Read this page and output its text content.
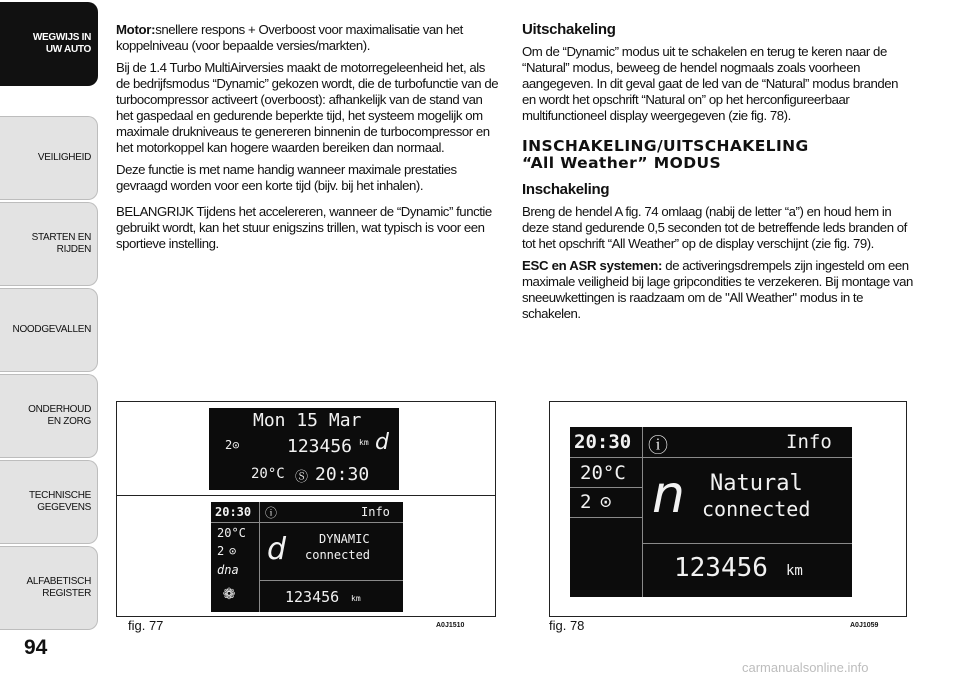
WEGWIJS IN UW AUTO
VEILIGHEID
STARTEN EN RIJDEN
NOODGEVALLEN
ONDERHOUD EN ZORG
TECHNISCHE GEGEVENS
ALFABETISCH REGISTER
94

Motor:snellere respons + Overboost voor maximalisatie van het koppelniveau (voor bepaalde versies/markten).

Bij de 1.4 Turbo MultiAirversies maakt de motorregeleenheid het, als de bedrijfsmodus “Dynamic” gekozen wordt, die de turbofunctie van de turbocompressor activeert (overboost): afhankelijk van de stand van het gaspedaal en gedurende beperkte tijd, het systeem mogelijk om maximale drukniveaus te genereren binnenin de turbocompressor en het motorkoppel kan hogere waarden bereiken dan normaal.

Deze functie is met name handig wanneer maximale prestaties gevraagd worden voor een korte tijd (bijv. bij het inhalen).

BELANGRIJK Tijdens het accelereren, wanneer de “Dynamic” functie gebruikt wordt, kan het stuur enigszins trillen, wat typisch is voor een sportieve instelling.

Uitschakeling

Om de “Dynamic” modus uit te schakelen en terug te keren naar de “Natural” modus, beweeg de hendel nogmaals zoals voorheen aangegeven. In dit geval gaat de led van de “Natural” modus branden en wordt het opschrift “Natural on” op het herconfigureerbaar multifunctioneel display weergegeven (zie fig. 78).

INSCHAKELING/UITSCHAKELING
“All Weather” MODUS
Inschakeling

Breng de hendel A fig. 74 omlaag (nabij de letter “a”) en houd hem in deze stand gedurende 0,5 seconden tot de betreffende leds branden of tot het opschrift “All Weather” op de display verschijnt (zie fig. 79).

ESC en ASR systemen: de activeringsdrempels zijn ingesteld om een maximale veiligheid bij lage gripcondities te verzekeren. Bij montage van sneeuwkettingen is raadzaam om de "All Weather" modus in te schakelen.

Mon 15 Mar
2⊙	123456 km d
20°C Ⓢ 20:30
20:30 ⓘ	Info
20°C
2 ⊙
dna
❁
d	DYNAMIC
connected
123456 km
fig. 77	A0J1510
20:30 ⓘ	Info
20°C
2 ⊙ n Natural
connected
123456 km
fig. 78	A0J1059
carmanualsonline.info
